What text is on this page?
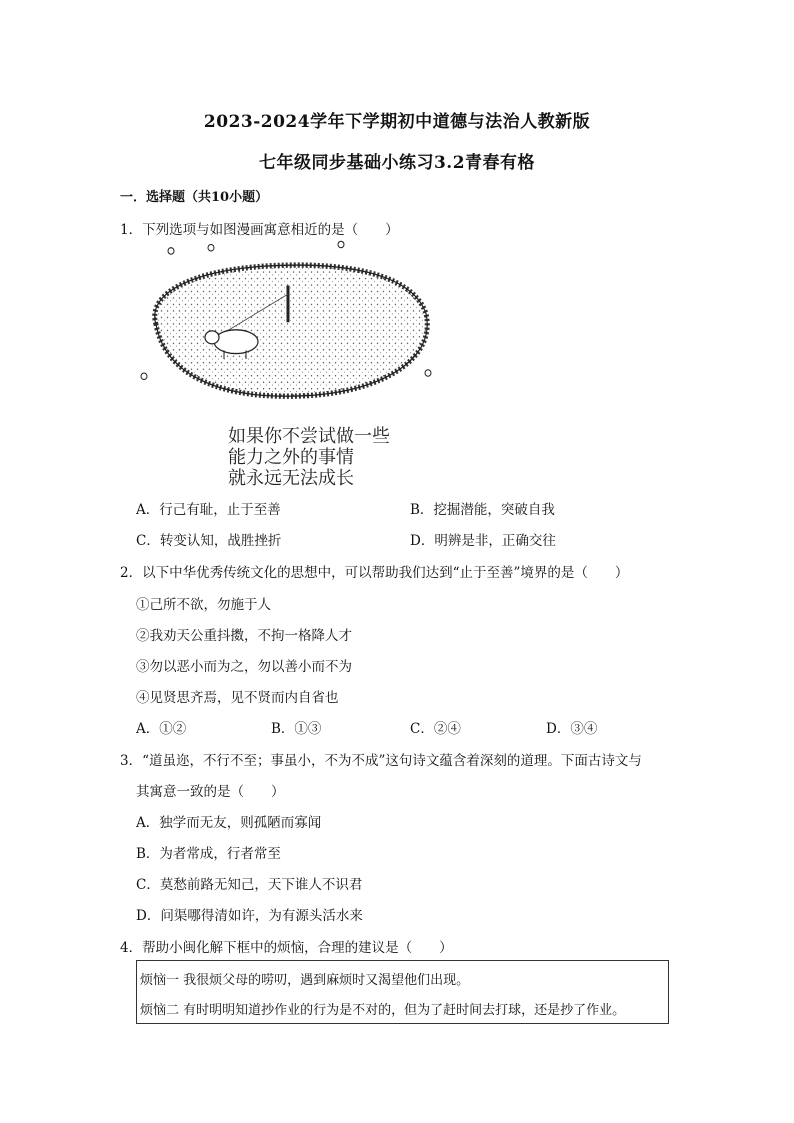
2023-2024学年下学期初中道德与法治人教新版
七年级同步基础小练习3.2青春有格
一．选择题（共10小题）
1．下列选项与如图漫画寓意相近的是（　　）
如果你不尝试做一些
能力之外的事情
就永远无法成长
A．行己有耻，止于至善	B．挖掘潜能，突破自我
C．转变认知，战胜挫折	D．明辨是非，正确交往
2．以下中华优秀传统文化的思想中，可以帮助我们达到“止于至善”境界的是（　　）
①己所不欲，勿施于人
②我劝天公重抖擞，不拘一格降人才
③勿以恶小而为之，勿以善小而不为
④见贤思齐焉，见不贤而内自省也
A．①②	B．①③	C．②④	D．③④
3．“道虽迩，不行不至；事虽小，不为不成”这句诗文蕴含着深刻的道理。下面古诗文与
其寓意一致的是（　　）
A．独学而无友，则孤陋而寡闻
B．为者常成，行者常至
C．莫愁前路无知己，天下谁人不识君
D．问渠哪得清如许，为有源头活水来
4．帮助小闽化解下框中的烦恼，合理的建议是（　　）
烦恼一 我很烦父母的唠叨，遇到麻烦时又渴望他们出现。
烦恼二 有时明明知道抄作业的行为是不对的，但为了赶时间去打球，还是抄了作业。
